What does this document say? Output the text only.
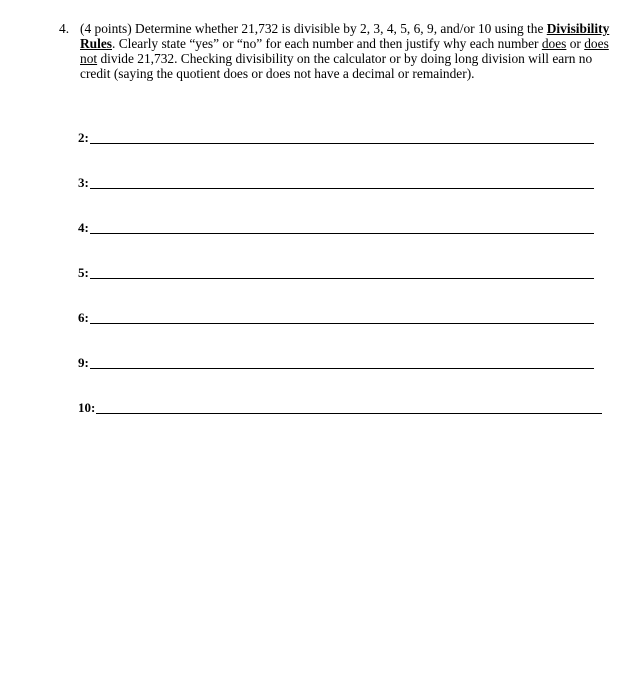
4. (4 points) Determine whether 21,732 is divisible by 2, 3, 4, 5, 6, 9, and/or 10 using the Divisibility Rules. Clearly state “yes” or “no” for each number and then justify why each number does or does not divide 21,732. Checking divisibility on the calculator or by doing long division will earn no credit (saying the quotient does or does not have a decimal or remainder).
2:
3:
4:
5:
6:
9:
10:
